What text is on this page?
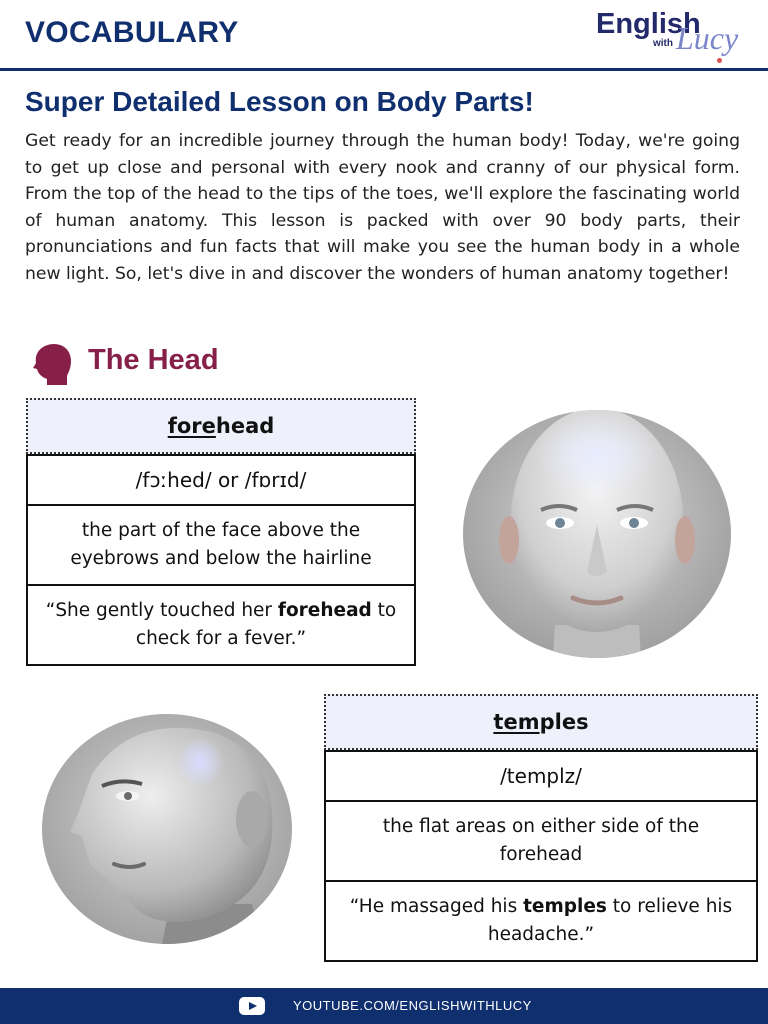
VOCABULARY	English
with Lucy
Super Detailed Lesson on Body Parts!

Get ready for an incredible journey through the human body! Today, we're going to get up close and personal with every nook and cranny of our physical form. From the top of the head to the tips of the toes, we'll explore the fascinating world of human anatomy. This lesson is packed with over 90 body parts, their pronunciations and fun facts that will make you see the human body in a whole new light. So, let's dive in and discover the wonders of human anatomy together!

The Head
fore head
/fɔːhed/ or /fɒrɪd/
the part of the face above the eyebrows and below the hairline
“She gently touched her forehead to check for a fever.”
tem ples
/templz/
the flat areas on either side of the forehead
“He massaged his temples to relieve his headache.”
YOUTUBE.COM/ENGLISHWITHLUCY
